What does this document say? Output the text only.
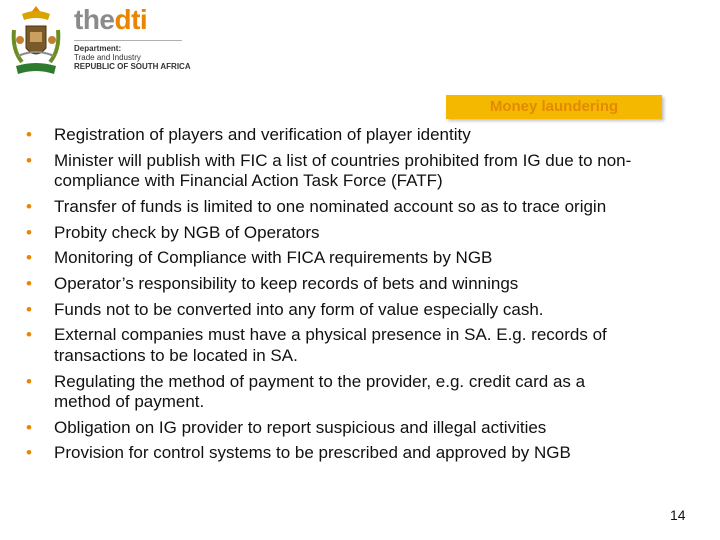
thedti
Department:
Trade and Industry
REPUBLIC OF SOUTH AFRICA
Money laundering
• Registration of players and verification of player identity
• Minister will publish with FIC a list of countries prohibited from IG due to non-compliance with Financial Action Task Force (FATF)
• Transfer of funds is limited to one nominated account so as to trace origin
• Probity check by NGB of Operators
• Monitoring of Compliance with FICA requirements by NGB
• Operator’s responsibility to keep records of bets and winnings
• Funds not to be converted into any form of value especially cash.
• External companies must have a physical presence in SA. E.g. records of transactions to be located in SA.
• Regulating the method of payment to the provider, e.g. credit card as a method of payment.
• Obligation on IG provider to report suspicious and illegal activities
• Provision for control systems to be prescribed and approved by NGB
14
